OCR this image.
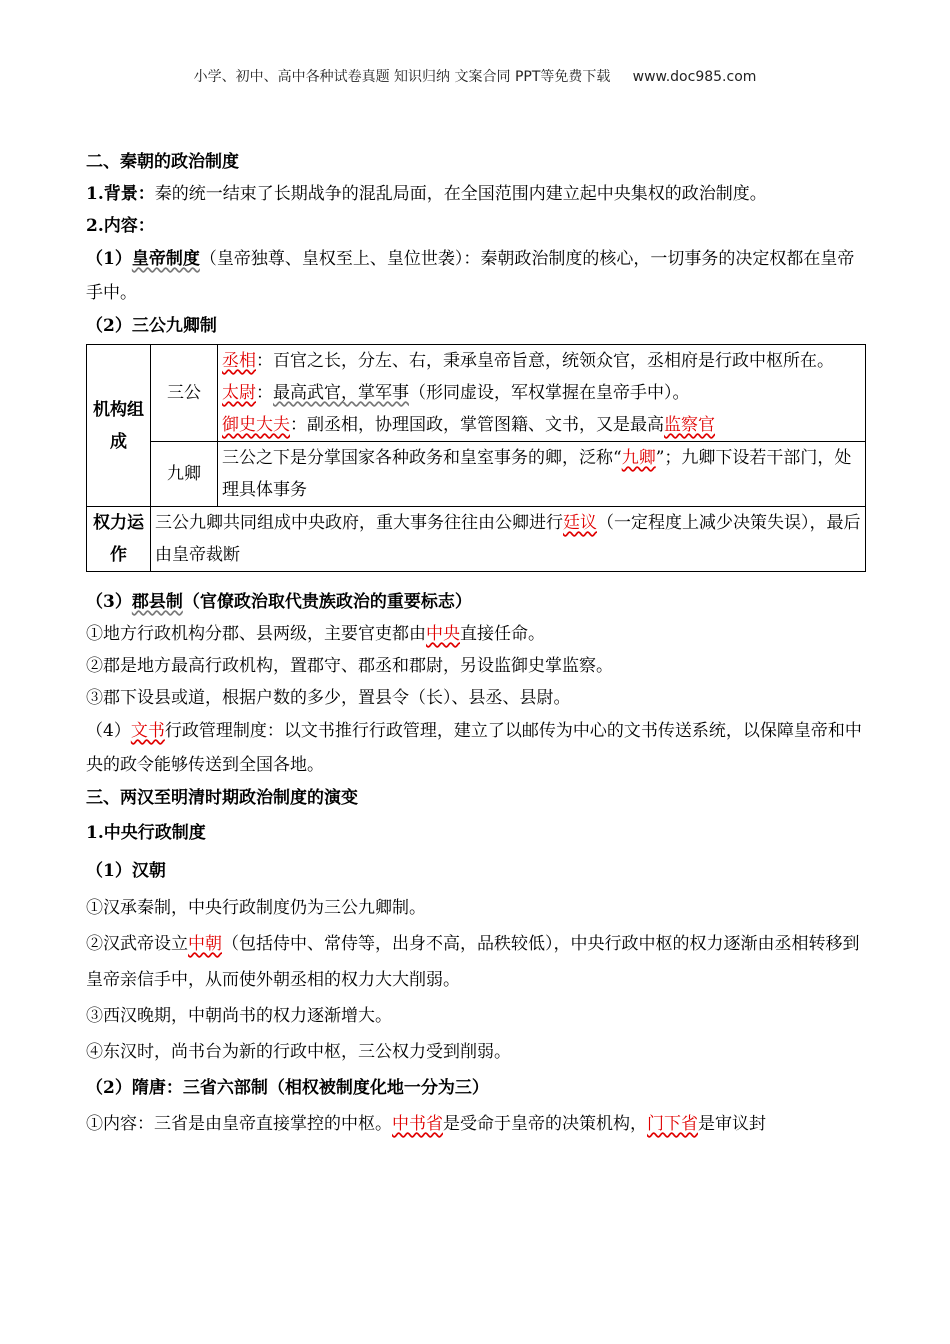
小学、初中、高中各种试卷真题 知识归纳 文案合同 PPT等免费下载 www.doc985.com

二、秦朝的政治制度

1.背景：秦的统一结束了长期战争的混乱局面，在全国范围内建立起中央集权的政治制度。

2.内容：

（1）皇帝制度（皇帝独尊、皇权至上、皇位世袭）：秦朝政治制度的核心，一切事务的决定权都在皇帝手中。

（2）三公九卿制

机构组成	三公	丞相：百官之长，分左、右，秉承皇帝旨意，统领众官，丞相府是行政中枢所在。
太尉：最高武官，掌军事（形同虚设，军权掌握在皇帝手中）。
御史大夫：副丞相，协理国政，掌管图籍、文书，又是最高监察官

	九卿	三公之下是分掌国家各种政务和皇室事务的卿，泛称“九卿”；九卿下设若干部门，处理具体事务
权力运作	三公九卿共同组成中央政府，重大事务往往由公卿进行廷议（一定程度上减少决策失误），最后由皇帝裁断	

（3）郡县制（官僚政治取代贵族政治的重要标志）

①地方行政机构分郡、县两级，主要官吏都由中央直接任命。

②郡是地方最高行政机构，置郡守、郡丞和郡尉，另设监御史掌监察。

③郡下设县或道，根据户数的多少，置县令（长）、县丞、县尉。

（4）文书行政管理制度：以文书推行行政管理，建立了以邮传为中心的文书传送系统，以保障皇帝和中央的政令能够传送到全国各地。

三、两汉至明清时期政治制度的演变

1.中央行政制度

（1）汉朝

①汉承秦制，中央行政制度仍为三公九卿制。

②汉武帝设立中朝（包括侍中、常侍等，出身不高，品秩较低），中央行政中枢的权力逐渐由丞相转移到皇帝亲信手中，从而使外朝丞相的权力大大削弱。

③西汉晚期，中朝尚书的权力逐渐增大。

④东汉时，尚书台为新的行政中枢，三公权力受到削弱。

（2）隋唐：三省六部制（相权被制度化地一分为三）

①内容：三省是由皇帝直接掌控的中枢。中书省是受命于皇帝的决策机构，门下省是审议封
